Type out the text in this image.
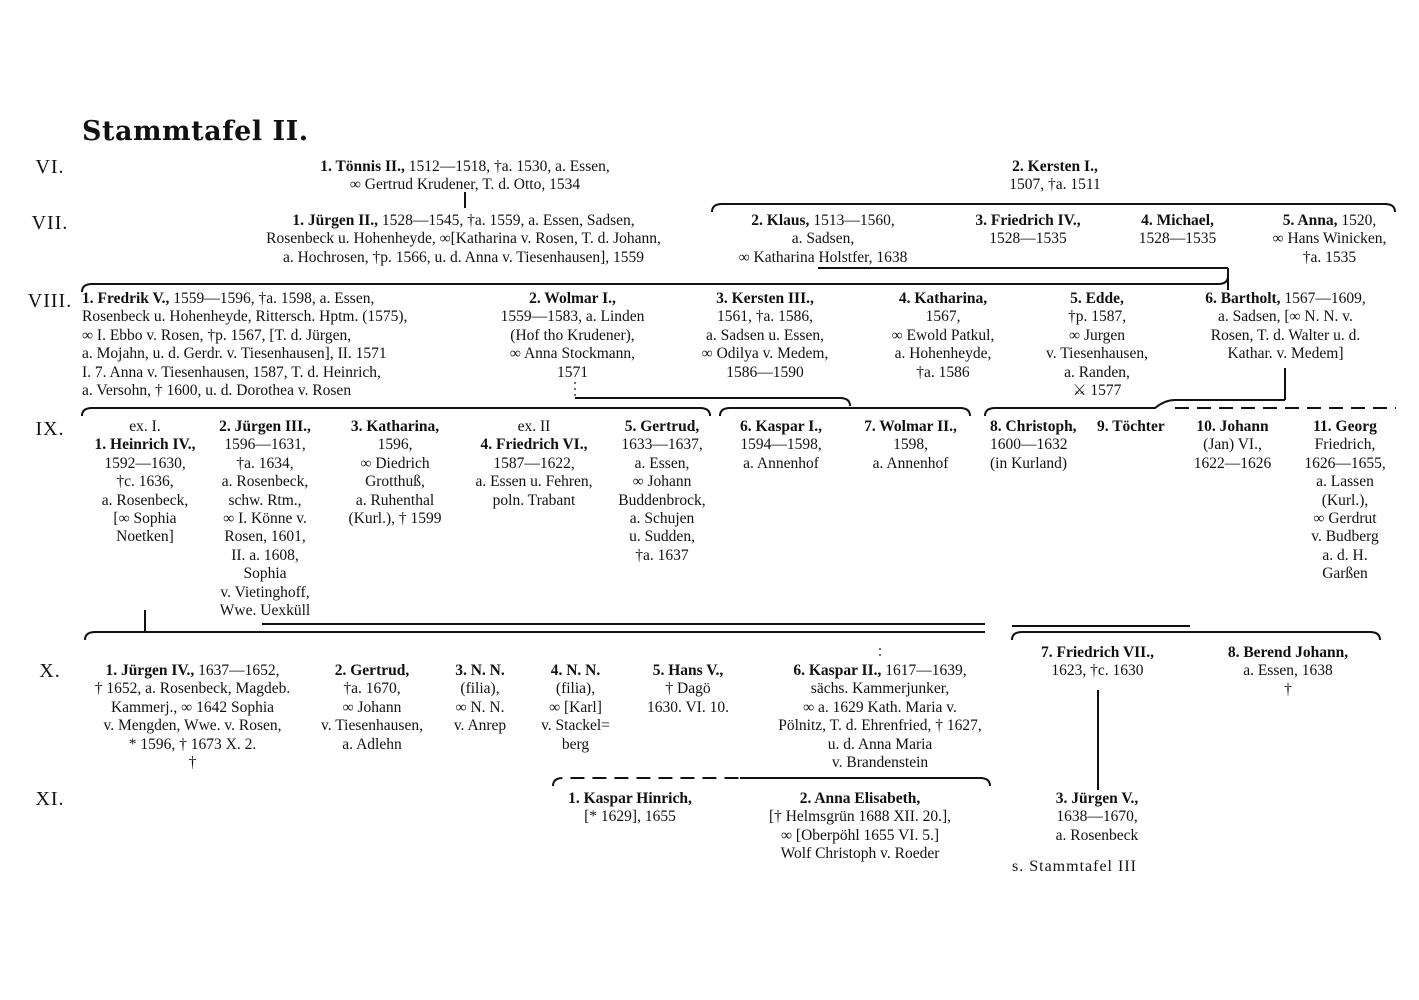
Stammtafel II.
VI.
VII.
VIII.
IX.
X.
XI.
1. Tönnis II., 1512—1518, †a. 1530, a. Essen,
∞ Gertrud Krudener, T. d. Otto, 1534
2. Kersten I.,
1507, †a. 1511
1. Jürgen II., 1528—1545, †a. 1559, a. Essen, Sadsen,
Rosenbeck u. Hohenheyde, ∞[Katharina v. Rosen, T. d. Johann,
a. Hochrosen, †p. 1566, u. d. Anna v. Tiesenhausen], 1559
2. Klaus, 1513—1560,
a. Sadsen,
∞ Katharina Holstfer, 1638
3. Friedrich IV.,
1528—1535
4. Michael,
1528—1535
5. Anna, 1520,
∞ Hans Winicken,
†a. 1535
1. Fredrik V., 1559—1596, †a. 1598, a. Essen,
Rosenbeck u. Hohenheyde, Rittersch. Hptm. (1575),
∞ I. Ebbo v. Rosen, †p. 1567, [T. d. Jürgen,
a. Mojahn, u. d. Gerdr. v. Tiesenhausen], II. 1571
I. 7. Anna v. Tiesenhausen, 1587, T. d. Heinrich,
a. Versohn, † 1600, u. d. Dorothea v. Rosen
2. Wolmar I.,
1559—1583, a. Linden
(Hof tho Krudener),
∞ Anna Stockmann,
1571
3. Kersten III.,
1561, †a. 1586,
a. Sadsen u. Essen,
∞ Odilya v. Medem,
1586—1590
4. Katharina,
1567,
∞ Ewold Patkul,
a. Hohenheyde,
†a. 1586
5. Edde,
†p. 1587,
∞ Jurgen
v. Tiesenhausen,
a. Randen,
⚔ 1577
6. Bartholt, 1567—1609,
a. Sadsen, [∞ N. N. v.
Rosen, T. d. Walter u. d.
Kathar. v. Medem]
ex. I.
1. Heinrich IV.,
1592—1630,
†c. 1636,
a. Rosenbeck,
[∞ Sophia
Noetken]
2. Jürgen III.,
1596—1631,
†a. 1634,
a. Rosenbeck,
schw. Rtm.,
∞ I. Könne v.
Rosen, 1601,
II. a. 1608,
Sophia
v. Vietinghoff,
Wwe. Uexküll
3. Katharina,
1596,
∞ Diedrich
Grotthuß,
a. Ruhenthal
(Kurl.), † 1599
ex. II
4. Friedrich VI.,
1587—1622,
a. Essen u. Fehren,
poln. Trabant
5. Gertrud,
1633—1637,
a. Essen,
∞ Johann
Buddenbrock,
a. Schujen
u. Sudden,
†a. 1637
6. Kaspar I.,
1594—1598,
a. Annenhof
7. Wolmar II.,
1598,
a. Annenhof
8. Christoph,
1600—1632
(in Kurland)
9. Töchter	10. Johann
(Jan) VI.,
1622—1626
11. Georg
Friedrich,
1626—1655,
a. Lassen
(Kurl.),
∞ Gerdrut
v. Budberg
a. d. H.
Garßen
1. Jürgen IV., 1637—1652,
† 1652, a. Rosenbeck, Magdeb.
Kammerj., ∞ 1642 Sophia
v. Mengden, Wwe. v. Rosen,
* 1596, † 1673 X. 2.
†
2. Gertrud,
†a. 1670,
∞ Johann
v. Tiesenhausen,
a. Adlehn
3. N. N.
(filia),
∞ N. N.
v. Anrep
4. N. N.
(filia),
∞ [Karl]
v. Stackel=
berg
5. Hans V.,
† Dagö
1630. VI. 10.
6. Kaspar II., 1617—1639,
sächs. Kammerjunker,
∞ a. 1629 Kath. Maria v.
Pölnitz, T. d. Ehrenfried, † 1627,
u. d. Anna Maria
v. Brandenstein
7. Friedrich VII.,
1623, †c. 1630
8. Berend Johann,
a. Essen, 1638
†
1. Kaspar Hinrich,
[* 1629], 1655
2. Anna Elisabeth,
[† Helmsgrün 1688 XII. 20.],
∞ [Oberpöhl 1655 VI. 5.]
Wolf Christoph v. Roeder
3. Jürgen V.,
1638—1670,
a. Rosenbeck
s. Stammtafel III
